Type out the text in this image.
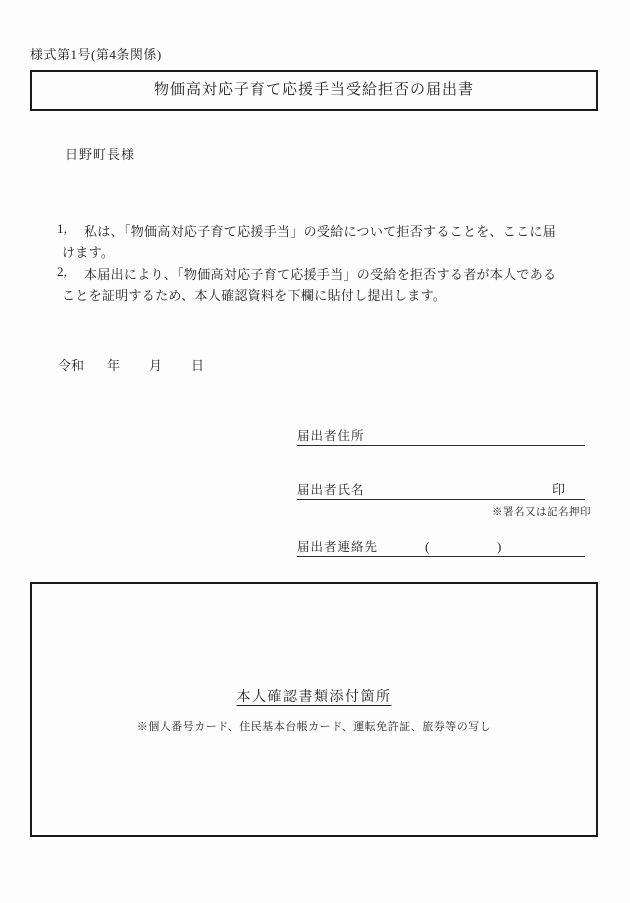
様式第1号(第4条関係)
物価高対応子育て応援手当受給拒否の届出書
日野町長様
1, 私は、「物価高対応子育て応援手当」の受給について拒否することを、ここに届
けます。
2, 本届出により、「物価高対応子育て応援手当」の受給を拒否する者が本人である
ことを証明するため、本人確認資料を下欄に貼付し提出します。
令和 年 月 日
届出者住所
届出者氏名	印
※署名又は記名押印
届出者連絡先	(	)
本人確認書類添付箇所
※個人番号カード、住民基本台帳カード、運転免許証、旅券等の写し
